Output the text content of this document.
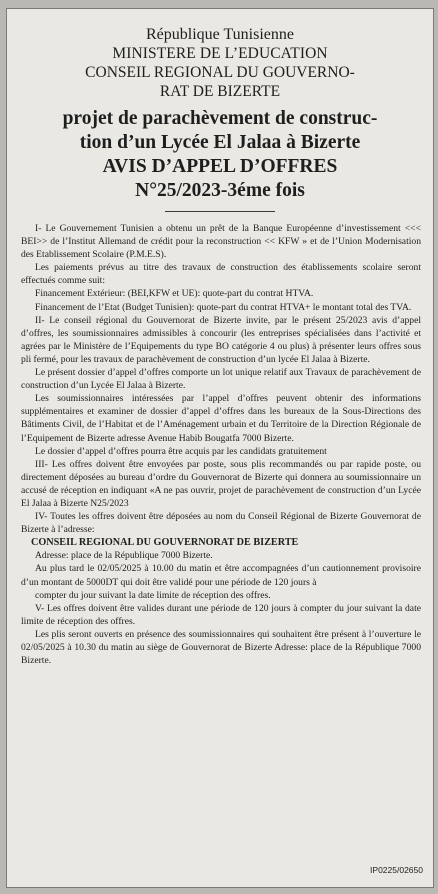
République Tunisienne
MINISTERE DE L’EDUCATION
CONSEIL REGIONAL DU GOUVERNO-
RAT DE BIZERTE
projet de parachèvement de construc-
tion d’un Lycée El Jalaa à Bizerte
AVIS D’APPEL D’OFFRES
N°25/2023-3éme fois

I- Le Gouvernement Tunisien a obtenu un prêt de la Banque Européenne d’investissement <<< BEI>> de l’Institut Allemand de crédit pour la reconstruction << KFW » et de l’Union Modernisation des Etablissement Scolaire (P.M.E.S).

Les paiements prévus au titre des travaux de construction des établissements scolaire seront effectués comme suit:

Financement Extérieur: (BEI,KFW et UE): quote-part du contrat HTVA.

Financement de l’Etat (Budget Tunisien): quote-part du contrat HTVA+ le montant total des TVA.

II- Le conseil régional du Gouvernorat de Bizerte invite, par le présent 25/2023 avis d’appel d’offres, les soumissionnaires admissibles à concourir (les entreprises spécialisées dans l’activité et agrées par le Ministère de l’Equipements du type BO catégorie 4 ou plus) à présenter leurs offres sous pli fermé, pour les travaux de parachèvement de construction d’un lycée El Jalaa à Bizerte.

Le présent dossier d’appel d’offres comporte un lot unique relatif aux Travaux de parachèvement de construction d’un Lycée El Jalaa à Bizerte.

Les soumissionnaires intéressées par l’appel d’offres peuvent obtenir des informations supplémentaires et examiner de dossier d’appel d’offres dans les bureaux de la Sous-Directions des Bâtiments Civil, de l’Habitat et de l’Aménagement urbain et du Territoire de la Direction Régionale de l’Equipement de Bizerte adresse Avenue Habib Bougatfa 7000 Bizerte.

Le dossier d’appel d’offres pourra être acquis par les candidats gratuitement

III- Les offres doivent être envoyées par poste, sous plis recommandés ou par rapide poste, ou directement déposées au bureau d’ordre du Gouvernorat de Bizerte qui donnera au soumissionnaire un accusé de réception en indiquant «A ne pas ouvrir, projet de parachèvement de construction d’un Lycée El Jalaa à Bizerte N25/2023

IV- Toutes les offres doivent être déposées au nom du Conseil Régional de Bizerte Gouvernorat de Bizerte à l’adresse:

CONSEIL REGIONAL DU GOUVERNORAT DE BIZERTE

Adresse: place de la République 7000 Bizerte.

Au plus tard le 02/05/2025 à 10.00 du matin et être accompagnées d’un cautionnement provisoire d’un montant de 5000DT qui doit être validé pour une période de 120 jours à

compter du jour suivant la date limite de réception des offres.

V- Les offres doivent être valides durant une période de 120 jours à compter du jour suivant la date limite de réception des offres.

Les plis seront ouverts en présence des soumissionnaires qui souhaitent être présent à l’ouverture le 02/05/2025 à 10.30 du matin au siège de Gouvernorat de Bizerte Adresse: place de la République 7000 Bizerte.

IP0225/02650
